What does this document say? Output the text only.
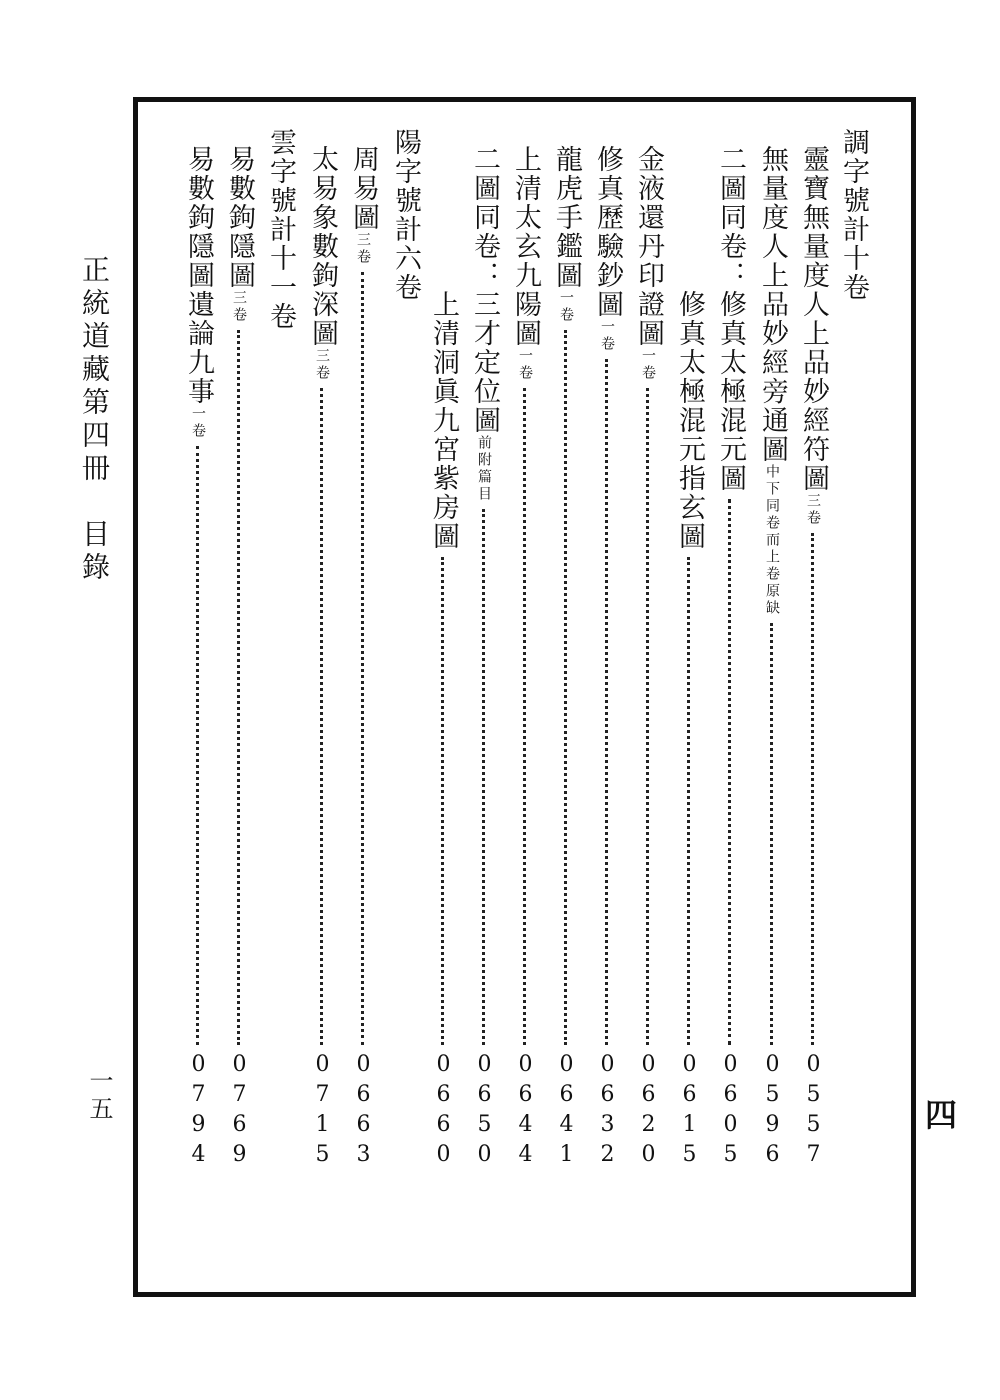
正統道藏第四冊　目錄
一五	四
調字號計十卷
靈寶無量度人上品妙經符圖三卷
0557
無量度人上品妙經旁通圖中下同卷而上卷原缺
0596
二圖同卷：修真太極混元圖
0605
修真太極混元指玄圖
0615
金液還丹印證圖一卷
0620
修真歷驗鈔圖一卷
0632
龍虎手鑑圖一卷
0641
上清太玄九陽圖一卷
0644
二圖同卷：三才定位圖前附篇目
0650
上清洞眞九宮紫房圖
0660
陽字號計六卷
周易圖三卷
0663
太易象數鉤深圖三卷
0715
雲字號計十一卷
易數鉤隱圖三卷
0769
易數鉤隱圖遺論九事一卷
0794
